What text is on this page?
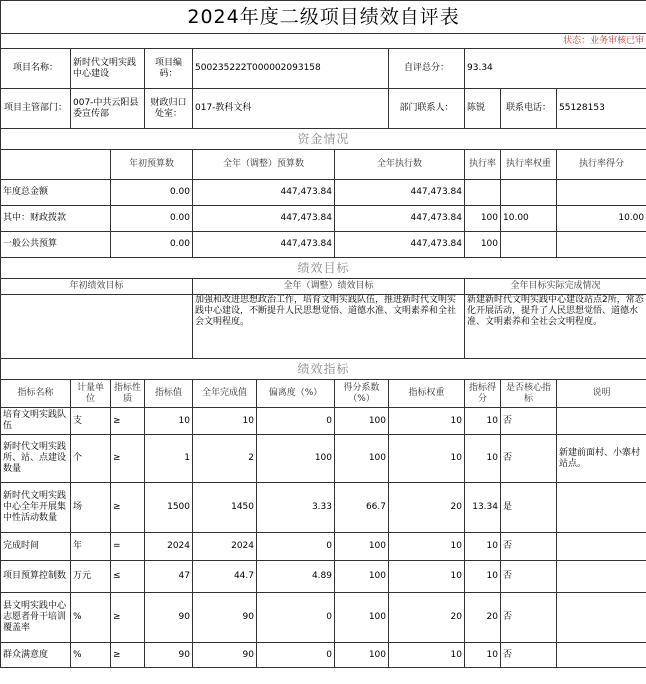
2024年度二级项目绩效自评表										
状态：业务审核已审										
项目名称：	新时代文明实践中心建设		项目编码：	500235222T000002093158			自评总分：	93.34		
项目主管部门：	007-中共云阳县委宣传部		财政归口处室：	017-教科文科			部门联系人：	陈锐	联系电话：	55128153
资金情况										
		年初预算数		全年（调整）预算数		全年执行数		执行率	执行率权重	执行率得分
年度总金额		0.00		447,473.84		447,473.84				
其中：财政拨款		0.00		447,473.84		447,473.84		100	10.00	10.00
一般公共预算		0.00		447,473.84		447,473.84		100		
绩效目标										
年初绩效目标				全年（调整）绩效目标				全年目标实际完成情况		
				加强和改进思想政治工作，培育文明实践队伍，推进新时代文明实践中心建设，不断提升人民思想觉悟、道德水准、文明素养和全社会文明程度。				新建新时代文明实践中心建设站点2所，常态化开展活动，提升了人民思想觉悟、道德水准、文明素养和全社会文明程度。		
绩效指标										
指标名称	计量单位	指标性质	指标值	全年完成值	偏离度（%）	得分系数（%）	指标权重	指标得分	是否核心指标	说明
培育文明实践队伍	支	≥	10	10	0	100	10	10	否	
新时代文明实践所、站、点建设数量	个	≥	1	2	100	100	10	10	否	新建前面村、小寨村站点。
新时代文明实践中心全年开展集中性活动数量	场	≥	1500	1450	3.33	66.7	20	13.34	是	
完成时间	年	=	2024	2024	0	100	10	10	否	
项目预算控制数	万元	≤	47	44.7	4.89	100	10	10	否	
县文明实践中心志愿者骨干培训覆盖率	%	≥	90	90	0	100	20	20	否	
群众满意度	%	≥	90	90	0	100	10	10	否	
